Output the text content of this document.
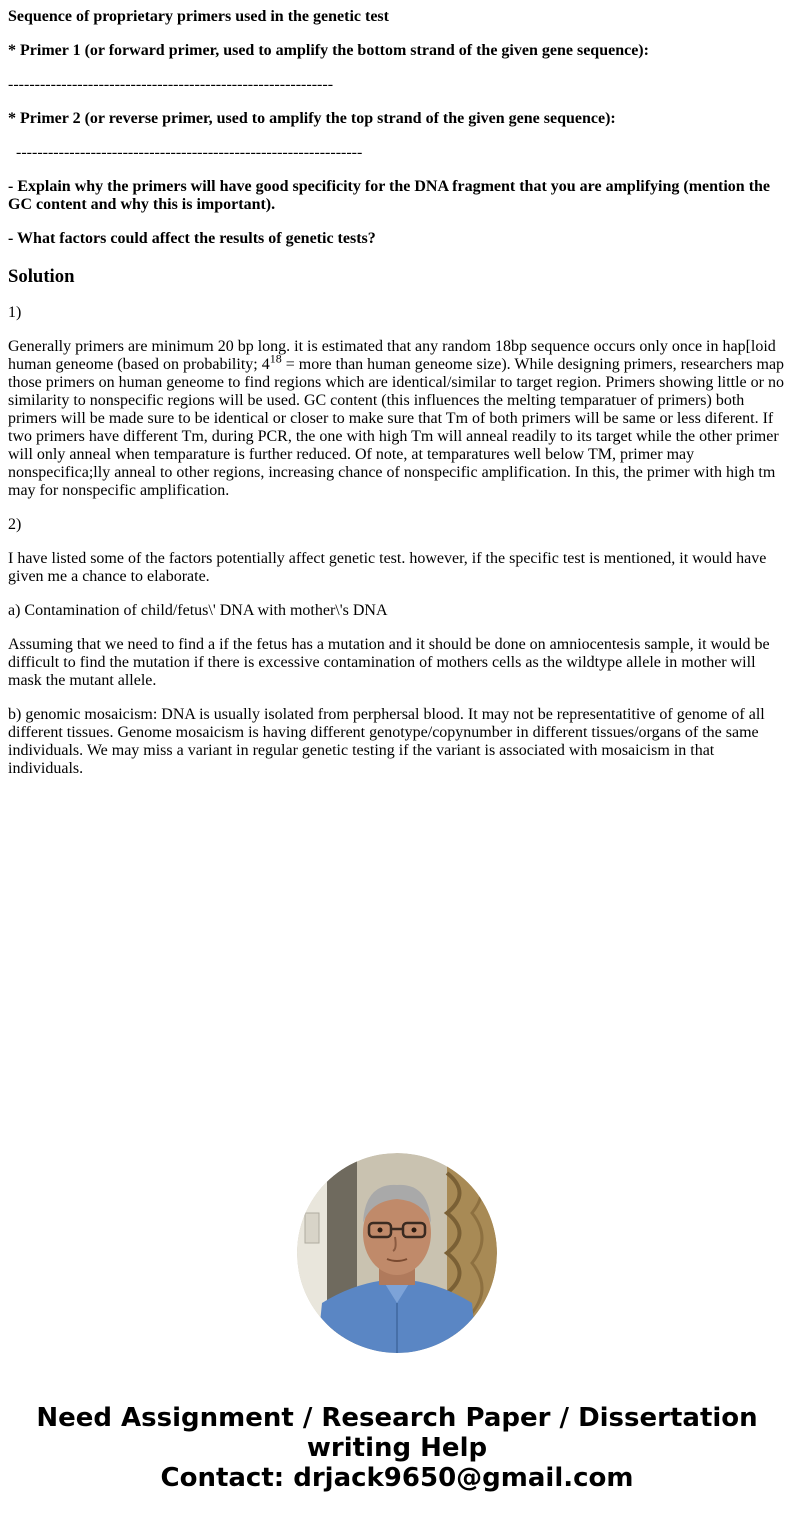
Sequence of proprietary primers used in the genetic test

* Primer 1 (or forward primer, used to amplify the bottom strand of the given gene sequence):

-------------------------------------------------------------

* Primer 2 (or reverse primer, used to amplify the top strand of the given gene sequence):

-----------------------------------------------------------------

- Explain why the primers will have good specificity for the DNA fragment that you are amplifying (mention the GC content and why this is important).

- What factors could affect the results of genetic tests?

Solution

1)

Generally primers are minimum 20 bp long. it is estimated that any random 18bp sequence occurs only once in hap[loid human geneome (based on probability; $4^{18}$ = more than human geneome size). While designing primers, researchers map those primers on human geneome to find regions which are identical/similar to target region. Primers showing little or no similarity to nonspecific regions will be used. GC content (this influences the melting temparatuer of primers) both primers will be made sure to be identical or closer to make sure that Tm of both primers will be same or less diferent. If two primers have different Tm, during PCR, the one with high Tm will anneal readily to its target while the other primer will only anneal when temparature is further reduced. Of note, at temparatures well below TM, primer may nonspecifica;lly anneal to other regions, increasing chance of nonspecific amplification. In this, the primer with high tm may for nonspecific amplification.

2)

I have listed some of the factors potentially affect genetic test. however, if the specific test is mentioned, it would have given me a chance to elaborate.

a) Contamination of child/fetus\' DNA with mother\'s DNA

Assuming that we need to find a if the fetus has a mutation and it should be done on amniocentesis sample, it would be difficult to find the mutation if there is excessive contamination of mothers cells as the wildtype allele in mother will mask the mutant allele.

b) genomic mosaicism: DNA is usually isolated from perphersal blood. It may not be representatitive of genome of all different tissues. Genome mosaicism is having different genotype/copynumber in different tissues/organs of the same individuals. We may miss a variant in regular genetic testing if the variant is associated with mosaicism in that individuals.

Need Assignment / Research Paper / Dissertation
writing Help
Contact: drjack9650@gmail.com
